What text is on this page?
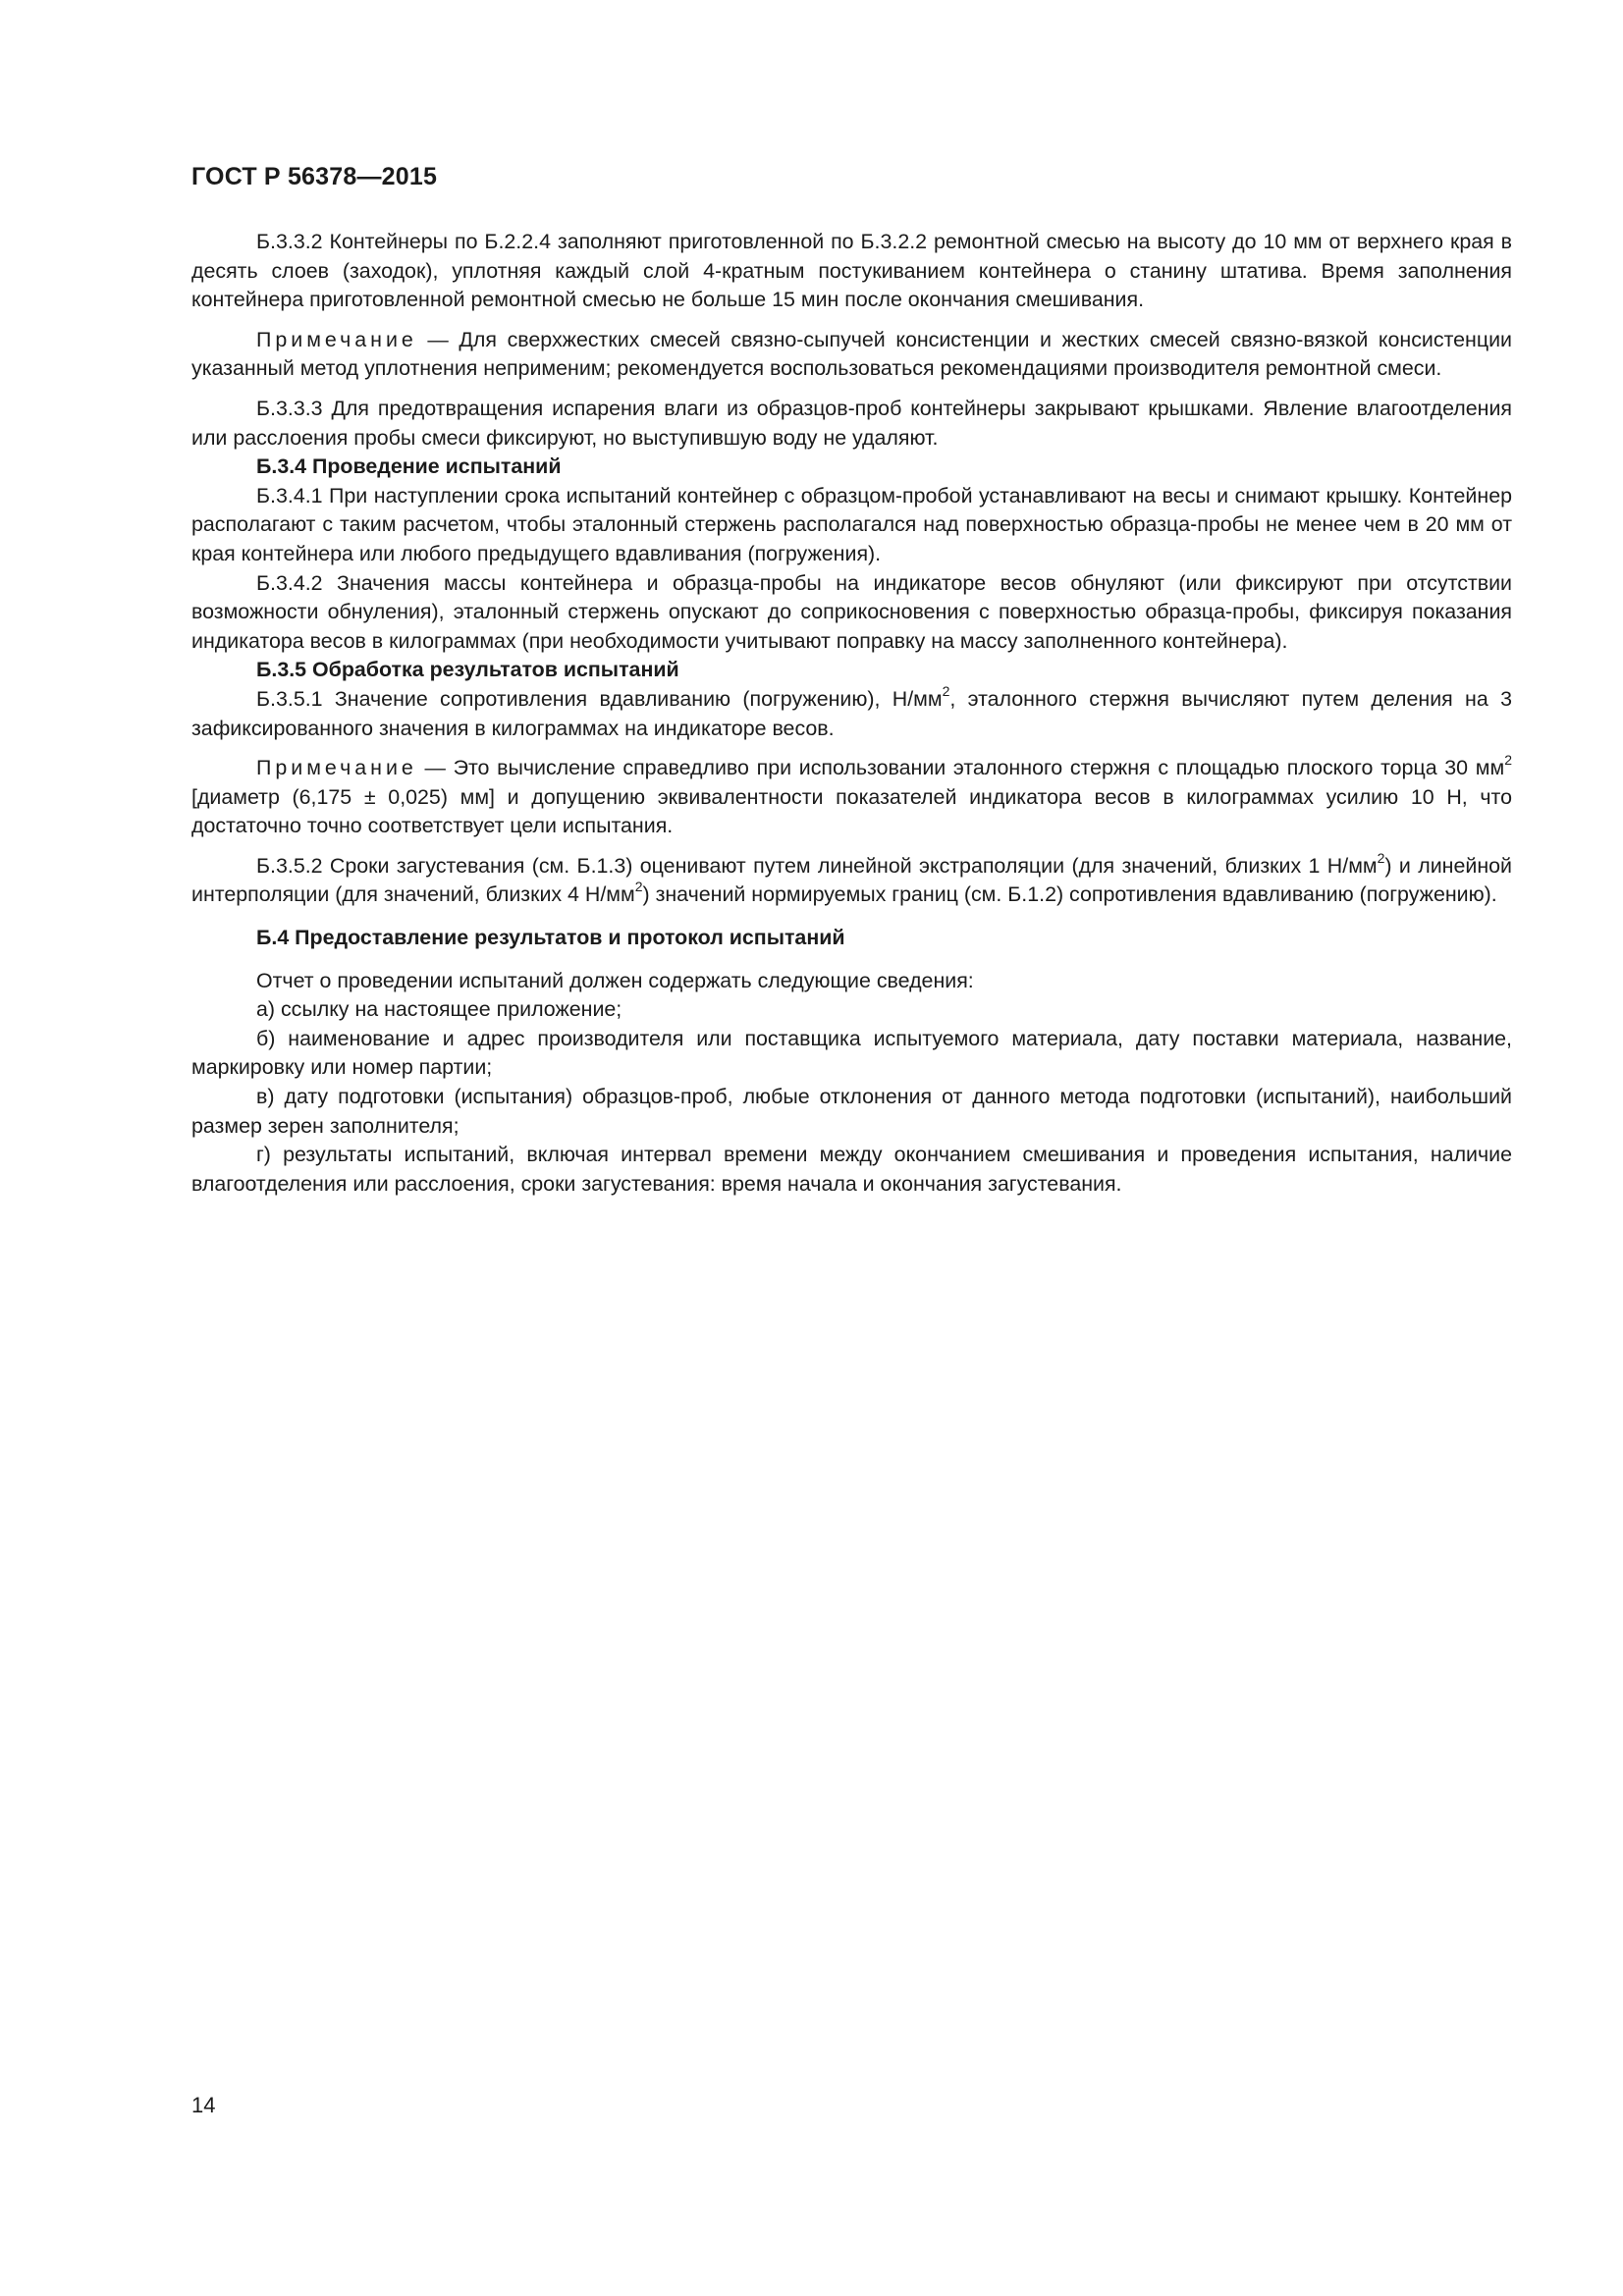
ГОСТ Р 56378—2015

Б.3.3.2 Контейнеры по Б.2.2.4 заполняют приготовленной по Б.3.2.2 ремонтной смесью на высоту до 10 мм от верхнего края в десять слоев (заходок), уплотняя каждый слой 4-кратным постукиванием контейнера о станину штатива. Время заполнения контейнера приготовленной ремонтной смесью не больше 15 мин после окончания смешивания.

Примечание — Для сверхжестких смесей связно-сыпучей консистенции и жестких смесей связно-вязкой консистенции указанный метод уплотнения неприменим; рекомендуется воспользоваться рекомендациями производителя ремонтной смеси.

Б.3.3.3 Для предотвращения испарения влаги из образцов-проб контейнеры закрывают крышками. Явление влагоотделения или расслоения пробы смеси фиксируют, но выступившую воду не удаляют.

Б.3.4 Проведение испытаний

Б.3.4.1 При наступлении срока испытаний контейнер с образцом-пробой устанавливают на весы и снимают крышку. Контейнер располагают с таким расчетом, чтобы эталонный стержень располагался над поверхностью образца-пробы не менее чем в 20 мм от края контейнера или любого предыдущего вдавливания (погружения).

Б.3.4.2 Значения массы контейнера и образца-пробы на индикаторе весов обнуляют (или фиксируют при отсутствии возможности обнуления), эталонный стержень опускают до соприкосновения с поверхностью образца-пробы, фиксируя показания индикатора весов в килограммах (при необходимости учитывают поправку на массу заполненного контейнера).

Б.3.5 Обработка результатов испытаний

Б.3.5.1 Значение сопротивления вдавливанию (погружению), $Н/мм^2$, эталонного стержня вычисляют путем деления на 3 зафиксированного значения в килограммах на индикаторе весов.

Примечание — Это вычисление справедливо при использовании эталонного стержня с площадью плоского торца 30 $мм^2$ [диаметр (6,175 ± 0,025) мм] и допущению эквивалентности показателей индикатора весов в килограммах усилию 10 Н, что достаточно точно соответствует цели испытания.

Б.3.5.2 Сроки загустевания (см. Б.1.3) оценивают путем линейной экстраполяции (для значений, близких 1 $Н/мм^2$) и линейной интерполяции (для значений, близких 4 $Н/мм^2$) значений нормируемых границ (см. Б.1.2) сопротивления вдавливанию (погружению).

Б.4 Предоставление результатов и протокол испытаний

Отчет о проведении испытаний должен содержать следующие сведения:

а) ссылку на настоящее приложение;

б) наименование и адрес производителя или поставщика испытуемого материала, дату поставки материала, название, маркировку или номер партии;

в) дату подготовки (испытания) образцов-проб, любые отклонения от данного метода подготовки (испытаний), наибольший размер зерен заполнителя;

г) результаты испытаний, включая интервал времени между окончанием смешивания и проведения испытания, наличие влагоотделения или расслоения, сроки загустевания: время начала и окончания загустевания.

14
